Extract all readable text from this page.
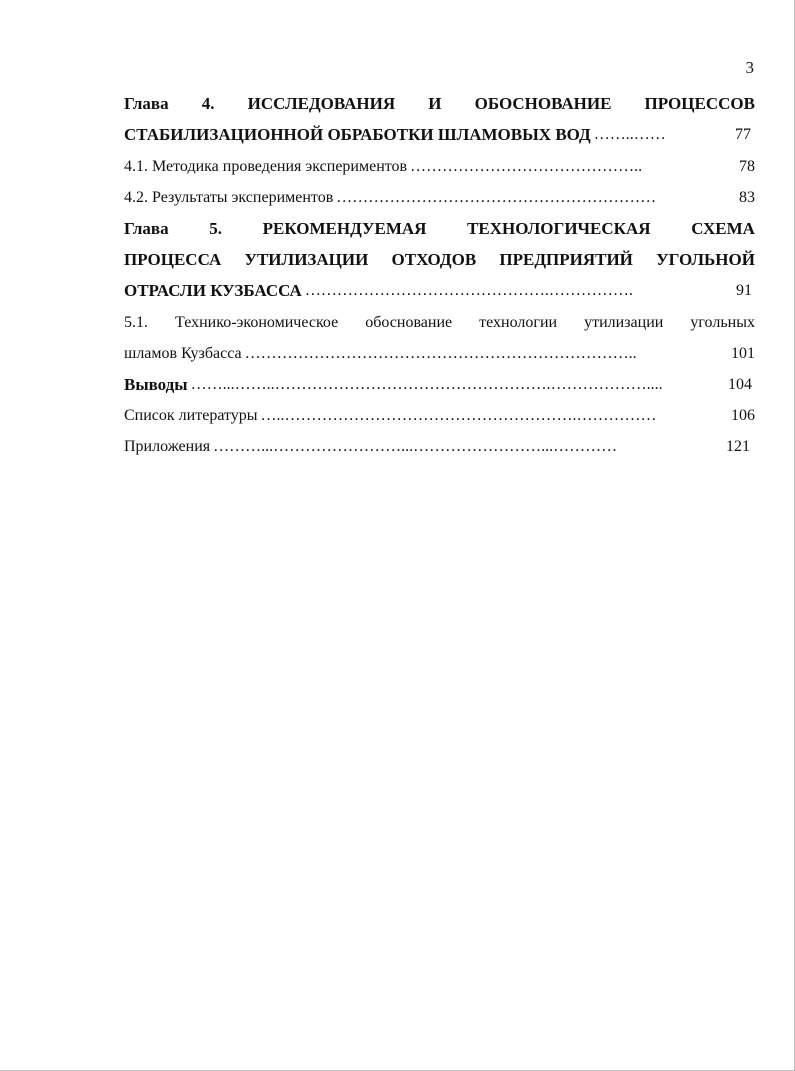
3
Глава 4. ИССЛЕДОВАНИЯ И ОБОСНОВАНИЕ ПРОЦЕССОВ
СТАБИЛИЗАЦИОННОЙ ОБРАБОТКИ ШЛАМОВЫХ ВОД ……..……	77
4.1. Методика проведения экспериментов ……………………………………..	78
4.2. Результаты экспериментов ……………………………………………………	83
Глава 5. РЕКОМЕНДУЕМАЯ ТЕХНОЛОГИЧЕСКАЯ СХЕМА
ПРОЦЕССА УТИЛИЗАЦИИ ОТХОДОВ ПРЕДПРИЯТИЙ УГОЛЬНОЙ
ОТРАСЛИ КУЗБАССА ……………………………………….…………….	91
5.1. Технико-экономическое обоснование технологии утилизации угольных
шламов Кузбасса ………………………………………………………………..	101
Выводы ……...……..…………………………………………….………………....	104
Список литературы …..……………………………………………….……………	106
Приложения ………...……………………...……………………...…………	121
